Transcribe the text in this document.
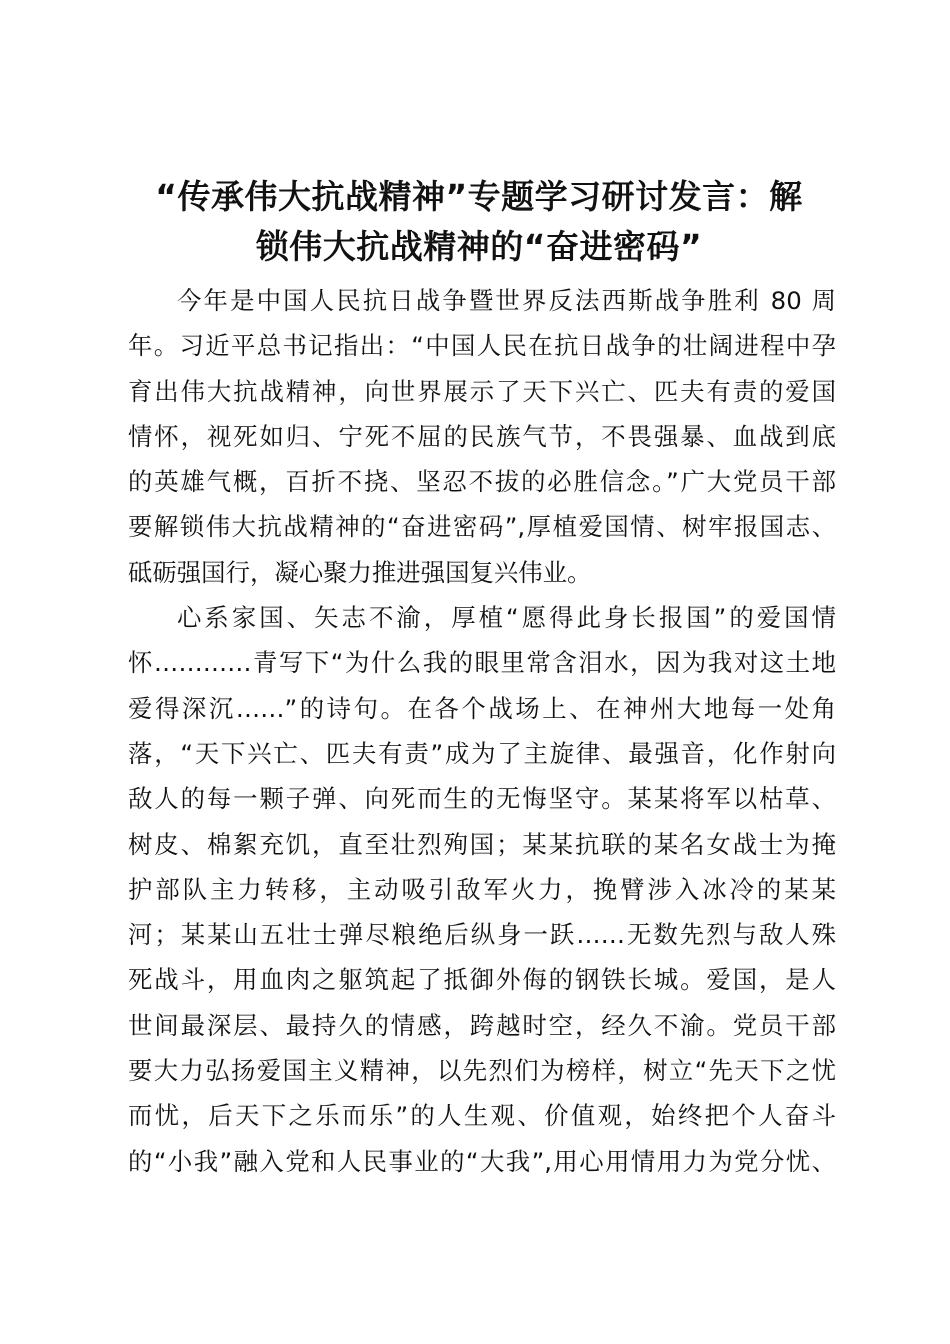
“传承伟大抗战精神”专题学习研讨发言：解
锁伟大抗战精神的“奋进密码”
今年是中国人民抗日战争暨世界反法西斯战争胜利 80 周
年。习近平总书记指出：“中国人民在抗日战争的壮阔进程中孕
育出伟大抗战精神，向世界展示了天下兴亡、匹夫有责的爱国
情怀，视死如归、宁死不屈的民族气节，不畏强暴、血战到底
的英雄气概，百折不挠、坚忍不拔的必胜信念。”广大党员干部
要解锁伟大抗战精神的“奋进密码”,厚植爱国情、树牢报国志、
砥砺强国行，凝心聚力推进强国复兴伟业。
心系家国、矢志不渝，厚植“愿得此身长报国”的爱国情
怀…………青写下“为什么我的眼里常含泪水，因为我对这土地
爱得深沉……”的诗句。在各个战场上、在神州大地每一处角
落，“天下兴亡、匹夫有责”成为了主旋律、最强音，化作射向
敌人的每一颗子弹、向死而生的无悔坚守。某某将军以枯草、
树皮、棉絮充饥，直至壮烈殉国；某某抗联的某名女战士为掩
护部队主力转移，主动吸引敌军火力，挽臂涉入冰冷的某某
河；某某山五壮士弹尽粮绝后纵身一跃……无数先烈与敌人殊
死战斗，用血肉之躯筑起了抵御外侮的钢铁长城。爱国，是人
世间最深层、最持久的情感，跨越时空，经久不渝。党员干部
要大力弘扬爱国主义精神，以先烈们为榜样，树立“先天下之忧
而忧，后天下之乐而乐”的人生观、价值观，始终把个人奋斗
的“小我”融入党和人民事业的“大我”,用心用情用力为党分忧、
